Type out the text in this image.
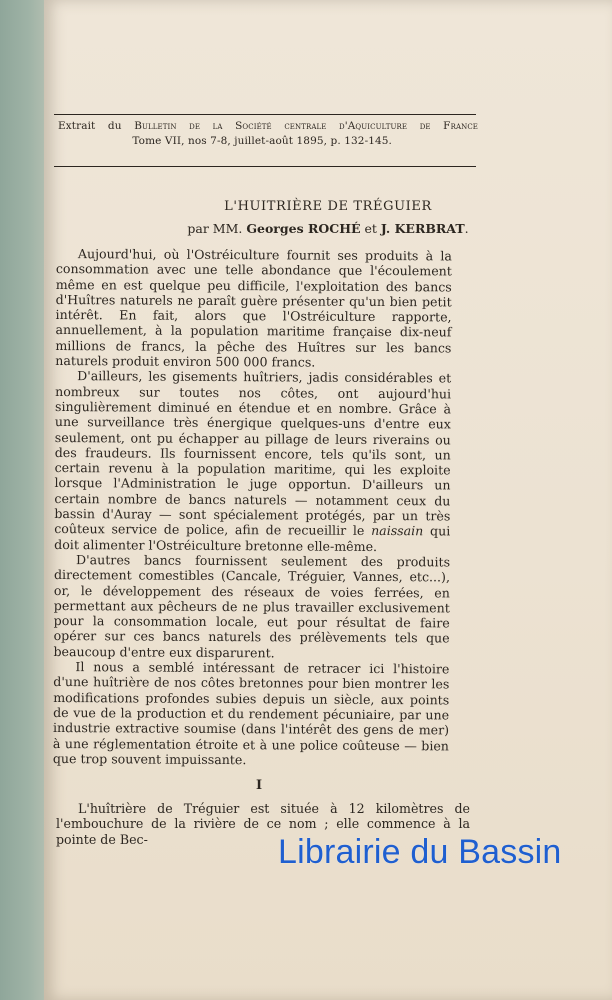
Extrait du Bulletin de la Société centrale d'Aquiculture de France
Tome VII, nos 7-8, juillet-août 1895, p. 132-145.
L'HUITRIÈRE DE TRÉGUIER
par MM. Georges ROCHÉ et J. KERBRAT.

Aujourd'hui, où l'Ostréiculture fournit ses produits à la consommation avec une telle abondance que l'écoulement même en est quelque peu difficile, l'exploitation des bancs d'Huîtres naturels ne paraît guère présenter qu'un bien petit intérêt. En fait, alors que l'Ostréiculture rapporte, annuellement, à la population maritime française dix-neuf millions de francs, la pêche des Huîtres sur les bancs naturels produit environ 500 000 francs.

D'ailleurs, les gisements huîtriers, jadis considérables et nombreux sur toutes nos côtes, ont aujourd'hui singulièrement diminué en étendue et en nombre. Grâce à une surveillance très énergique quelques-uns d'entre eux seulement, ont pu échapper au pillage de leurs riverains ou des fraudeurs. Ils fournissent encore, tels qu'ils sont, un certain revenu à la population maritime, qui les exploite lorsque l'Administration le juge opportun. D'ailleurs un certain nombre de bancs naturels — notamment ceux du bassin d'Auray — sont spécialement protégés, par un très coûteux service de police, afin de recueillir le naissain qui doit alimenter l'Ostréiculture bretonne elle-même.

D'autres bancs fournissent seulement des produits directement comestibles (Cancale, Tréguier, Vannes, etc...), or, le développement des réseaux de voies ferrées, en permettant aux pêcheurs de ne plus travailler exclusivement pour la consommation locale, eut pour résultat de faire opérer sur ces bancs naturels des prélèvements tels que beaucoup d'entre eux disparurent.

Il nous a semblé intéressant de retracer ici l'histoire d'une huîtrière de nos côtes bretonnes pour bien montrer les modifications profondes subies depuis un siècle, aux points de vue de la production et du rendement pécuniaire, par une industrie extractive soumise (dans l'intérêt des gens de mer) à une réglementation étroite et à une police coûteuse — bien que trop souvent impuissante.

I

L'huîtrière de Tréguier est située à 12 kilomètres de l'embouchure de la rivière de ce nom ; elle commence à la pointe de Bec-	Librairie du Bassin
